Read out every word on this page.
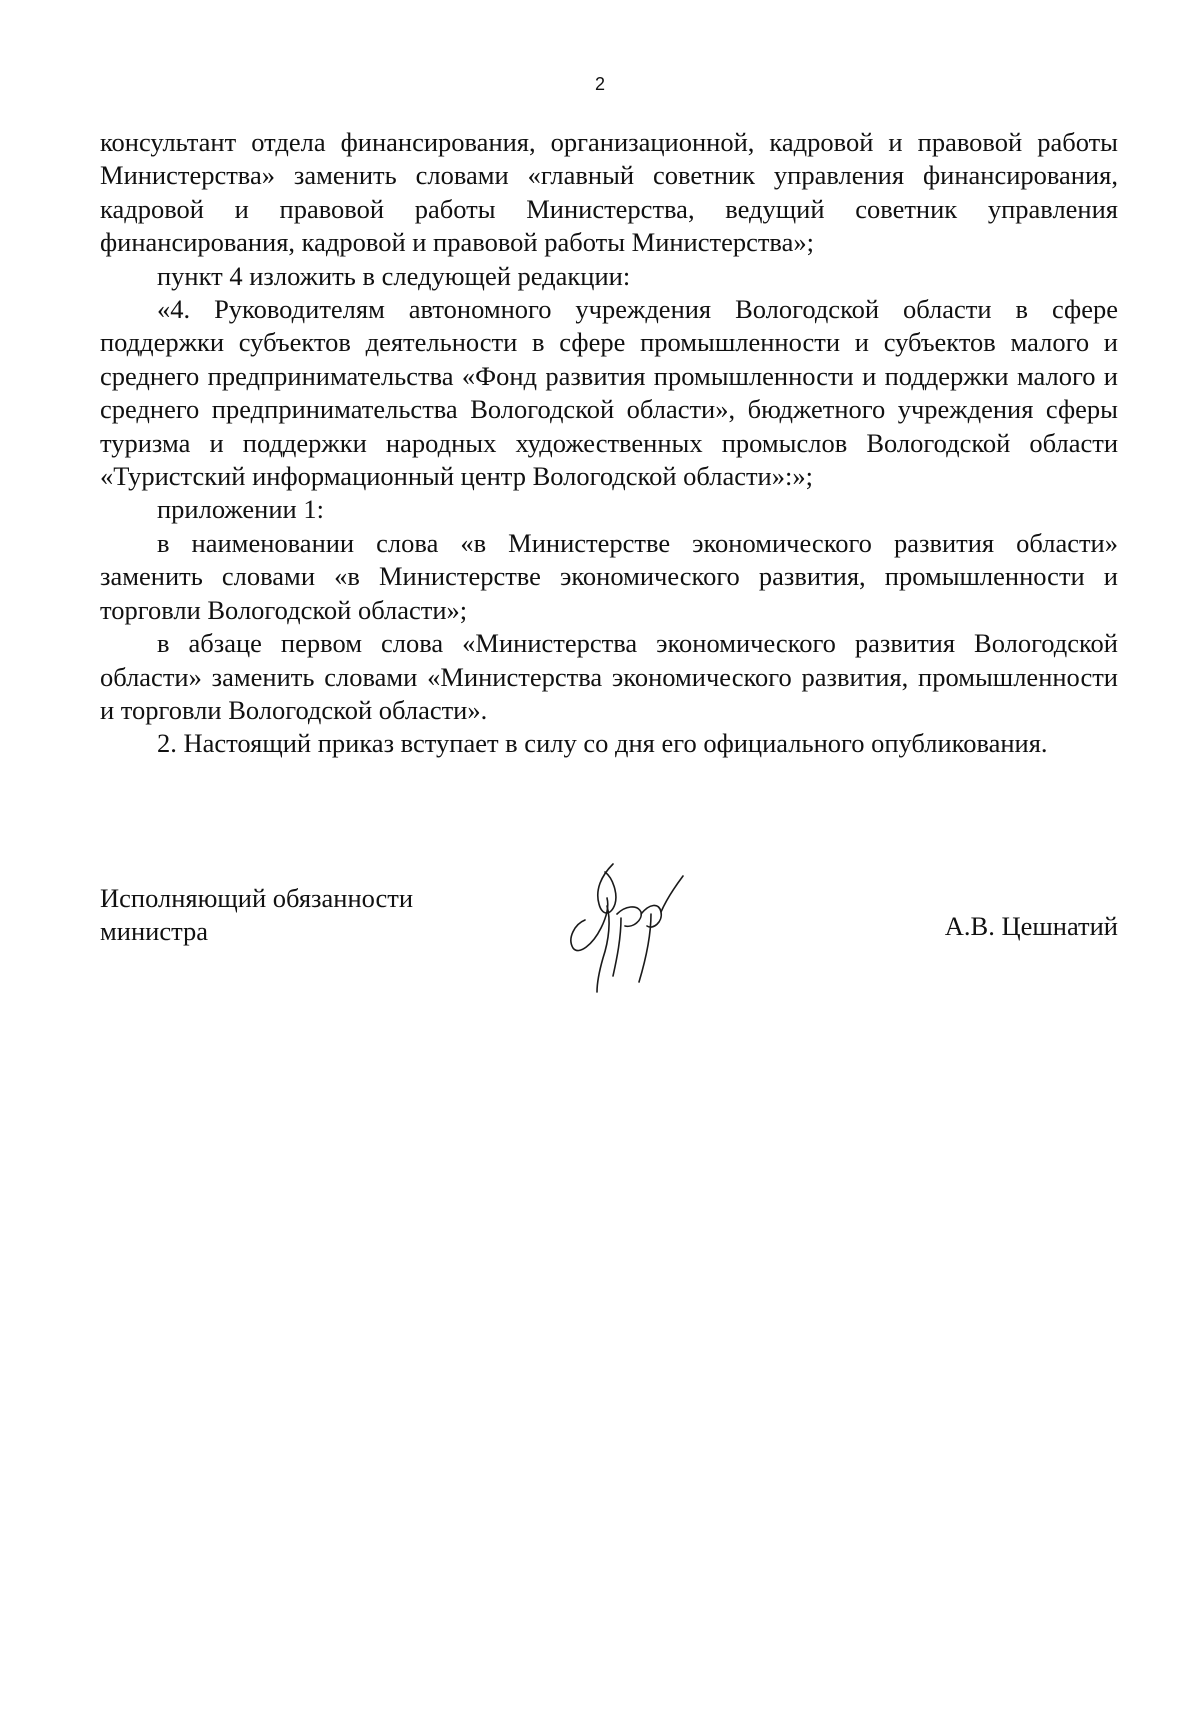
2

консультант отдела финансирования, организационной, кадровой и правовой работы Министерства» заменить словами «главный советник управления финансирования, кадровой и правовой работы Министерства, ведущий советник управления финансирования, кадровой и правовой работы Министерства»;

пункт 4 изложить в следующей редакции:

«4. Руководителям автономного учреждения Вологодской области в сфере поддержки субъектов деятельности в сфере промышленности и субъектов малого и среднего предпринимательства «Фонд развития промышленности и поддержки малого и среднего предпринимательства Вологодской области», бюджетного учреждения сферы туризма и поддержки народных художественных промыслов Вологодской области «Туристский информационный центр Вологодской области»:»;

приложении 1:

в наименовании слова «в Министерстве экономического развития области» заменить словами «в Министерстве экономического развития, промышленности и торговли Вологодской области»;

в абзаце первом слова «Министерства экономического развития Вологодской области» заменить словами «Министерства экономического развития, промышленности и торговли Вологодской области».

2. Настоящий приказ вступает в силу со дня его официального опубликования.

Исполняющий обязанности
министра	А.В. Цешнатий
